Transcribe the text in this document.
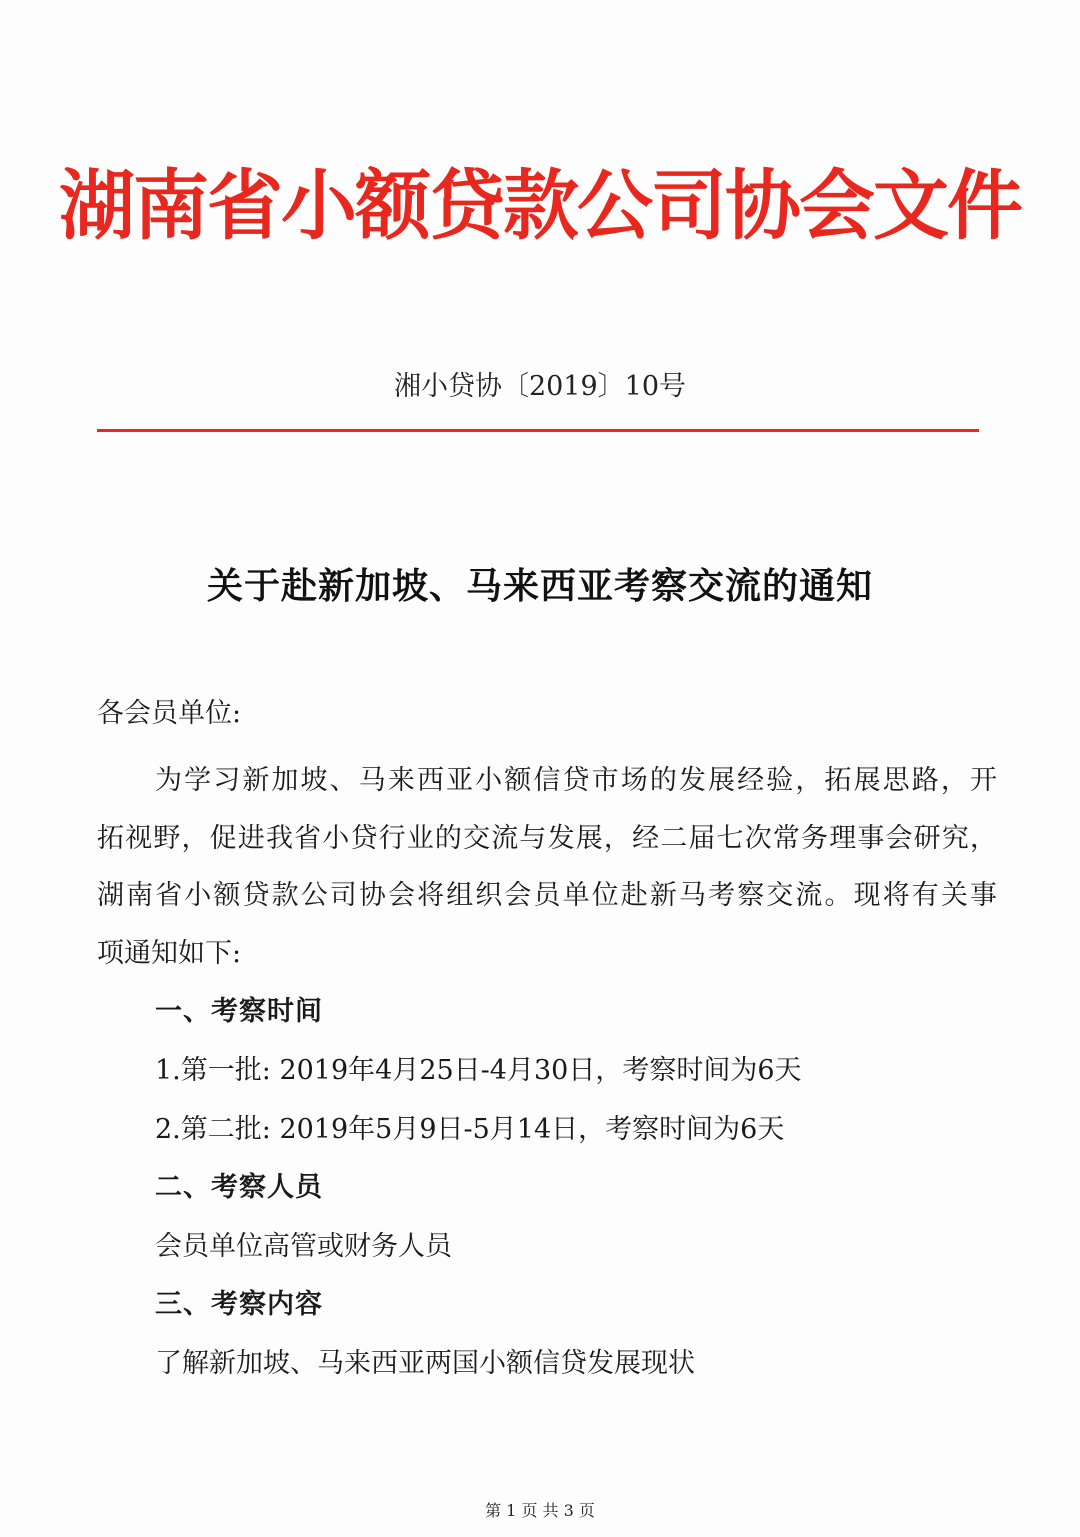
湖南省小额贷款公司协会文件
湘小贷协〔2019〕10号
关于赴新加坡、马来西亚考察交流的通知
各会员单位:
为学习新加坡、马来西亚小额信贷市场的发展经验，拓展思路，开
拓视野，促进我省小贷行业的交流与发展，经二届七次常务理事会研究，
湖南省小额贷款公司协会将组织会员单位赴新马考察交流。现将有关事
项通知如下:
一、考察时间
1.第一批: 2019年4月25日-4月30日，考察时间为6天
2.第二批: 2019年5月9日-5月14日，考察时间为6天
二、考察人员
会员单位高管或财务人员
三、考察内容
了解新加坡、马来西亚两国小额信贷发展现状
第 1 页 共 3 页
